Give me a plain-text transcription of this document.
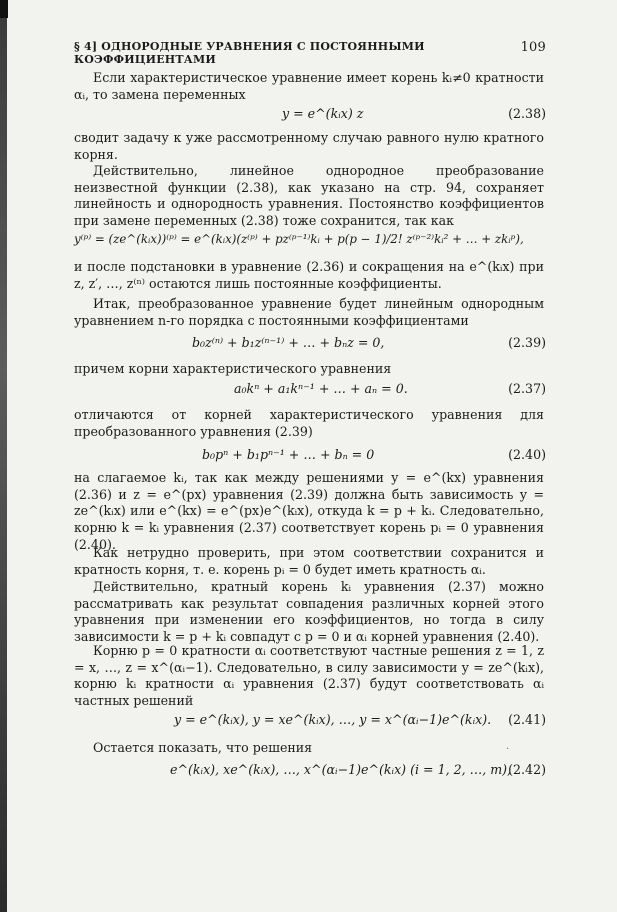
§ 4] ОДНОРОДНЫЕ УРАВНЕНИЯ С ПОСТОЯННЫМИ КОЭФФИЦИЕНТАМИ
109

Если характеристическое уравнение имеет корень kᵢ≠0 кратности αᵢ, то замена переменных

y = e^(kᵢx) z	(2.38)

сводит задачу к уже рассмотренному случаю равного нулю кратного корня.

Действительно, линейное однородное преобразование неизвестной функции (2.38), как указано на стр. 94, сохраняет линейность и однородность уравнения. Постоянство коэффициентов при замене переменных (2.38) тоже сохранится, так как

y⁽ᵖ⁾ = (ze^(kᵢx))⁽ᵖ⁾ = e^(kᵢx)(z⁽ᵖ⁾ + pz⁽ᵖ⁻¹⁾kᵢ + p(p − 1)/2! z⁽ᵖ⁻²⁾kᵢ² + … + zkᵢᵖ),

и после подстановки в уравнение (2.36) и сокращения на e^(kᵢx) при z, z′, …, z⁽ⁿ⁾ остаются лишь постоянные коэффициенты.

Итак, преобразованное уравнение будет линейным однородным уравнением n-го порядка с постоянными коэффициентами

b₀z⁽ⁿ⁾ + b₁z⁽ⁿ⁻¹⁾ + … + bₙz = 0,	(2.39)

причем корни характеристического уравнения

a₀kⁿ + a₁kⁿ⁻¹ + … + aₙ = 0.	(2.37)

отличаются от корней характеристического уравнения для преобразованного уравнения (2.39)

b₀pⁿ + b₁pⁿ⁻¹ + … + bₙ = 0	(2.40)

на слагаемое kᵢ, так как между решениями y = e^(kx) уравнения (2.36) и z = e^(px) уравнения (2.39) должна быть зависимость y = ze^(kᵢx) или e^(kx) = e^(px)e^(kᵢx), откуда k = p + kᵢ. Следовательно, корню k = kᵢ уравнения (2.37) соответствует корень pᵢ = 0 уравнения (2.40).

Как нетрудно проверить, при этом соответствии сохранится и кратность корня, т. е. корень pᵢ = 0 будет иметь кратность αᵢ.

Действительно, кратный корень kᵢ уравнения (2.37) можно рассматривать как результат совпадения различных корней этого уравнения при изменении его коэффициентов, но тогда в силу зависимости k = p + kᵢ совпадут с p = 0 и αᵢ корней уравнения (2.40).

Корню p = 0 кратности αᵢ соответствуют частные решения z = 1, z = x, …, z = x^(αᵢ−1). Следовательно, в силу зависимости y = ze^(kᵢx), корню kᵢ кратности αᵢ уравнения (2.37) будут соответствовать αᵢ частных решений

y = e^(kᵢx), y = xe^(kᵢx), …, y = x^(αᵢ−1)e^(kᵢx). (2.41)

Остается показать, что решения

e^(kᵢx), xe^(kᵢx), …, x^(αᵢ−1)e^(kᵢx) (i = 1, 2, …, m),
(2.42)
·
